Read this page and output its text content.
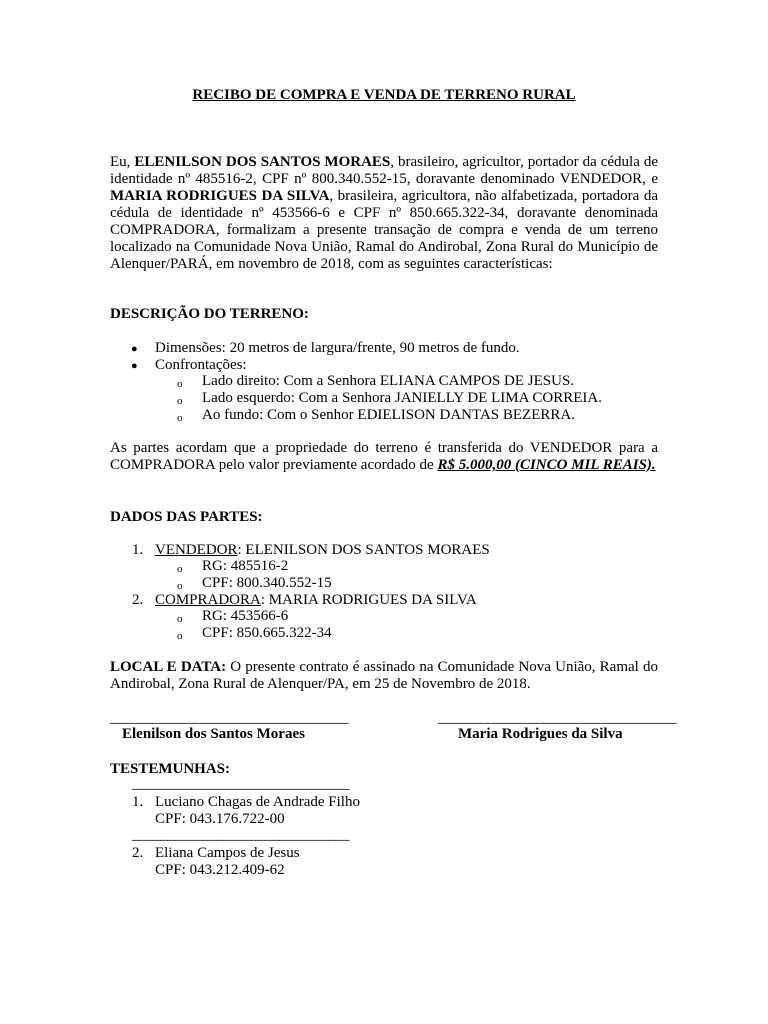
RECIBO DE COMPRA E VENDA DE TERRENO RURAL
Eu, ELENILSON DOS SANTOS MORAES, brasileiro, agricultor, portador da cédula de identidade nº 485516-2, CPF nº 800.340.552-15, doravante denominado VENDEDOR, e MARIA RODRIGUES DA SILVA, brasileira, agricultora, não alfabetizada, portadora da cédula de identidade nº 453566-6 e CPF nº 850.665.322-34, doravante denominada COMPRADORA, formalizam a presente transação de compra e venda de um terreno localizado na Comunidade Nova União, Ramal do Andirobal, Zona Rural do Município de Alenquer/PARÁ, em novembro de 2018, com as seguintes características:
DESCRIÇÃO DO TERRENO:
● Dimensões: 20 metros de largura/frente, 90 metros de fundo.
● Confrontações:
o Lado direito: Com a Senhora ELIANA CAMPOS DE JESUS.
o Lado esquerdo: Com a Senhora JANIELLY DE LIMA CORREIA.
o Ao fundo: Com o Senhor EDIELISON DANTAS BEZERRA.
As partes acordam que a propriedade do terreno é transferida do VENDEDOR para a COMPRADORA pelo valor previamente acordado de R$ 5.000,00 (CINCO MIL REAIS).
DADOS DAS PARTES:
1. VENDEDOR: ELENILSON DOS SANTOS MORAES
o RG: 485516-2
o CPF: 800.340.552-15
2. COMPRADORA: MARIA RODRIGUES DA SILVA
o RG: 453566-6
o CPF: 850.665.322-34
LOCAL E DATA: O presente contrato é assinado na Comunidade Nova União, Ramal do Andirobal, Zona Rural de Alenquer/PA, em 25 de Novembro de 2018.
__________________________________	__________________________________
Elenilson dos Santos Moraes	Maria Rodrigues da Silva
TESTEMUNHAS:
_______________________________
1. Luciano Chagas de Andrade Filho
CPF: 043.176.722-00
_______________________________
2. Eliana Campos de Jesus
CPF: 043.212.409-62
